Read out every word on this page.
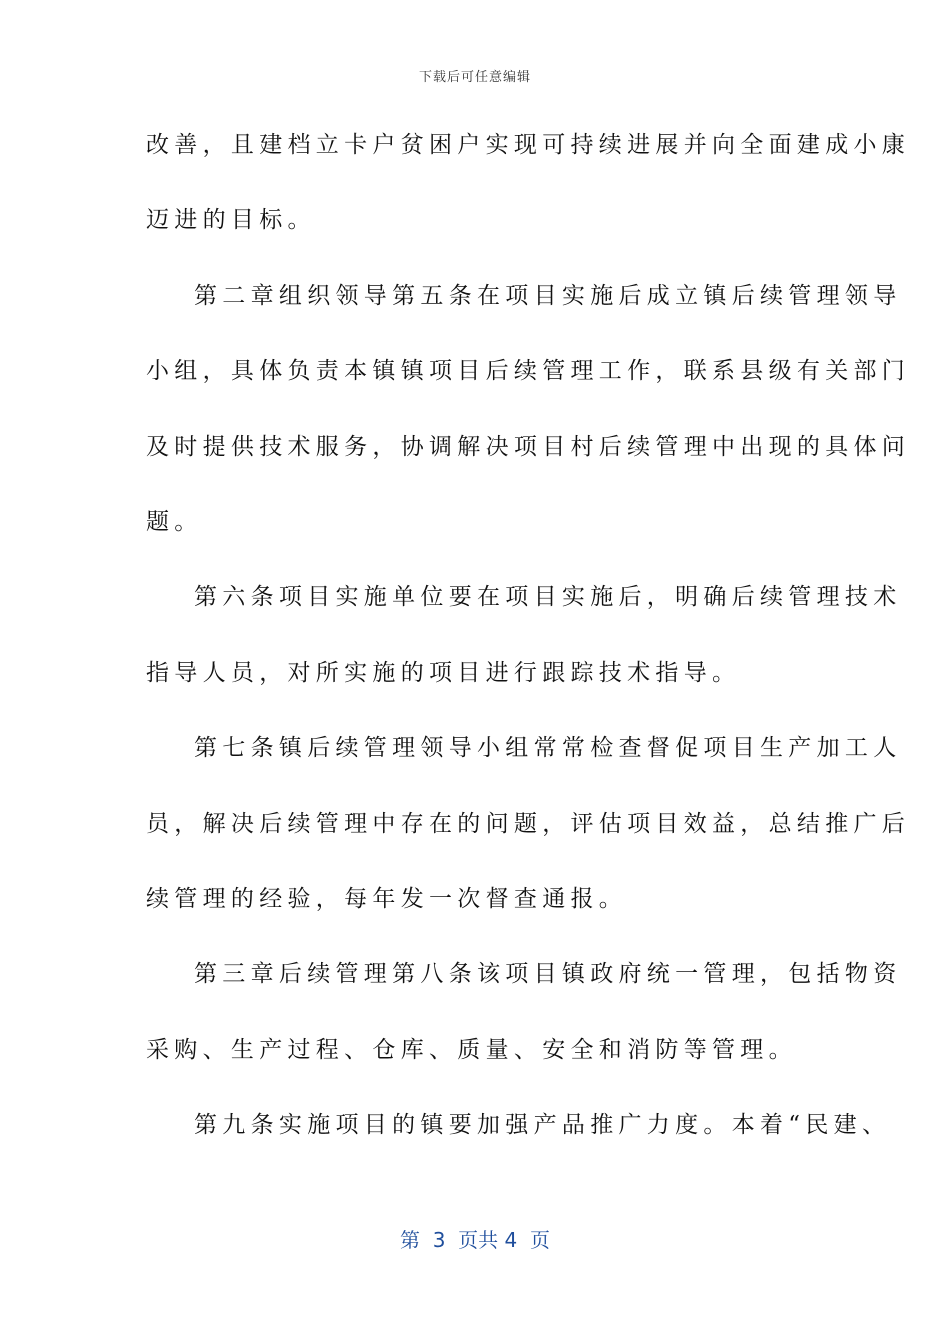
下载后可任意编辑
改善，且建档立卡户贫困户实现可持续进展并向全面建成小康
迈进的目标。
第二章组织领导第五条在项目实施后成立镇后续管理领导
小组，具体负责本镇镇项目后续管理工作，联系县级有关部门
及时提供技术服务，协调解决项目村后续管理中出现的具体问
题。
第六条项目实施单位要在项目实施后，明确后续管理技术
指导人员，对所实施的项目进行跟踪技术指导。
第七条镇后续管理领导小组常常检查督促项目生产加工人
员，解决后续管理中存在的问题，评估项目效益，总结推广后
续管理的经验，每年发一次督查通报。
第三章后续管理第八条该项目镇政府统一管理，包括物资
采购、生产过程、仓库、质量、安全和消防等管理。
第九条实施项目的镇要加强产品推广力度。本着“民建、
第  3  页共 4  页
